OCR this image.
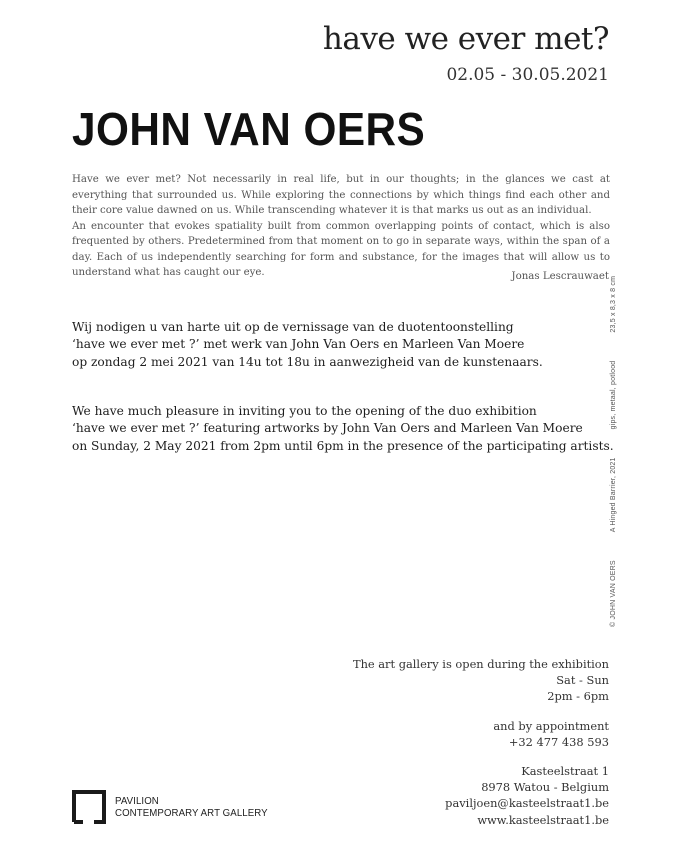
have we ever met?
02.05 - 30.05.2021
JOHN VAN OERS

Have we ever met? Not necessarily in real life, but in our thoughts; in the glances we cast at everything that surrounded us. While exploring the connections by which things find each other and their core value dawned on us. While transcending whatever it is that marks us out as an individual.

An encounter that evokes spatiality built from common overlapping points of contact, which is also frequented by others. Predetermined from that moment on to go in separate ways, within the span of a day. Each of us independently searching for form and substance, for the images that will allow us to understand what has caught our eye.	Jonas Lescrauwaet

Wij nodigen u van harte uit op de vernissage van de duotentoonstelling

‘have we ever met ?’ met werk van John Van Oers en Marleen Van Moere

op zondag 2 mei 2021 van 14u tot 18u in aanwezigheid van de kunstenaars.

We have much pleasure in inviting you to the opening of the duo exhibition

‘have we ever met ?’ featuring artworks by John Van Oers and Marleen Van Moere

on Sunday, 2 May 2021 from 2pm until 6pm in the presence of the participating artists.

© JOHN VAN OERSA Hinged Barrier, 2021gips, metaal, potlood23,5 x 8,3 x 8 cm

The art gallery is open during the exhibition

Sat - Sun

2pm - 6pm

and by appointment

+32 477 438 593

Kasteelstraat 1

8978 Watou - Belgium

paviljoen@kasteelstraat1.be

www.kasteelstraat1.be

PAVILION
CONTEMPORARY ART GALLERY
